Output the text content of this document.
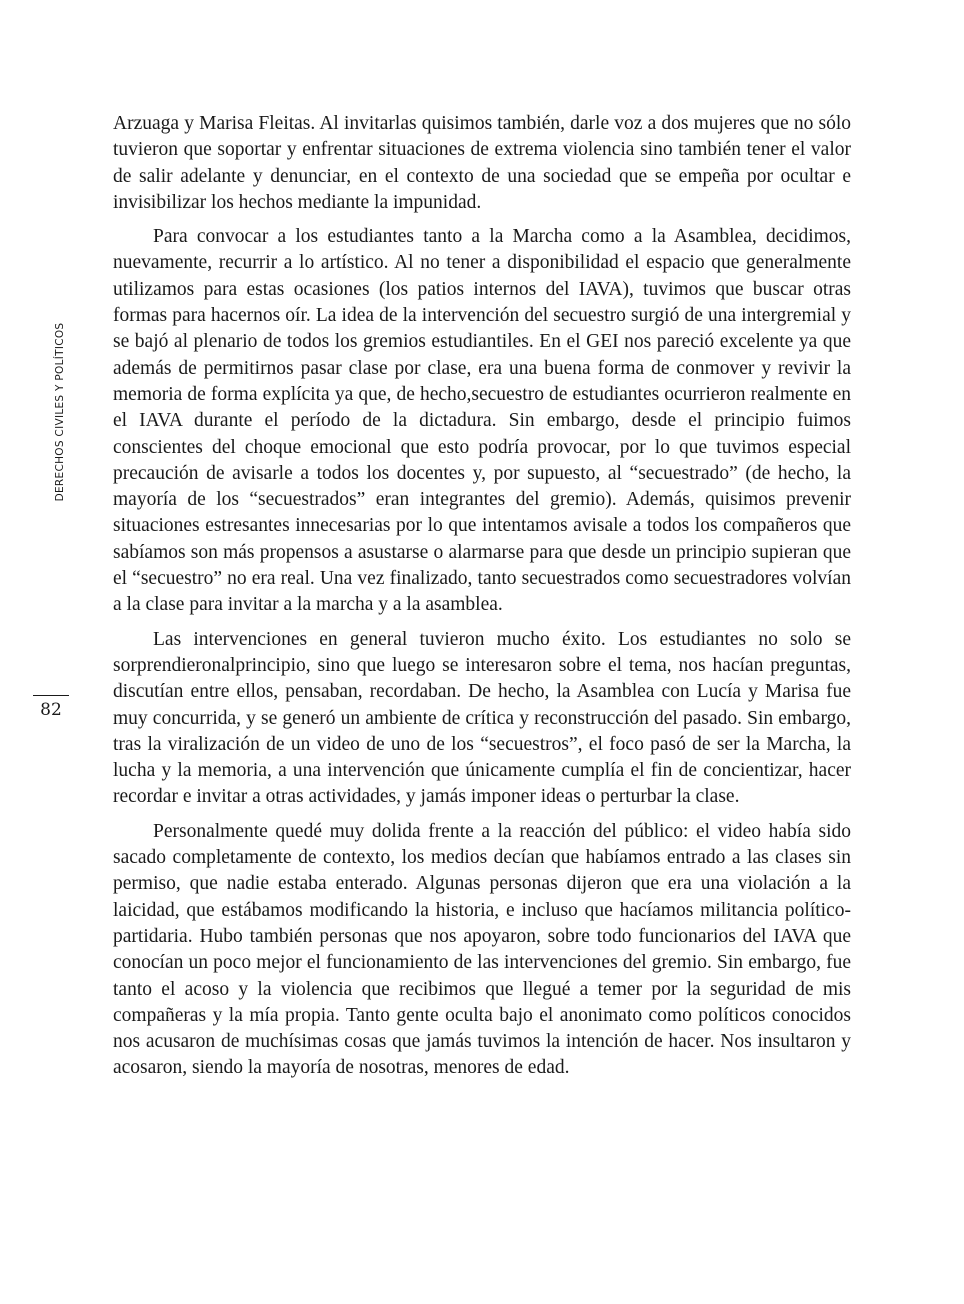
DERECHOS CIVILES Y POLÍTICOS
82

Arzuaga y Marisa Fleitas. Al invitarlas quisimos también, darle voz a dos mujeres que no sólo tuvieron que soportar y enfrentar situaciones de extrema violencia sino también tener el valor de salir adelante y denunciar, en el contexto de una sociedad que se empeña por ocultar e invisibilizar los hechos mediante la impunidad.

Para convocar a los estudiantes tanto a la Marcha como a la Asamblea, decidimos, nuevamente, recurrir a lo artístico. Al no tener a disponibilidad el espacio que generalmente utilizamos para estas ocasiones (los patios internos del IAVA), tuvimos que buscar otras formas para hacernos oír. La idea de la intervención del secuestro surgió de una intergremial y se bajó al plenario de todos los gremios estudiantiles. En el GEI nos pareció excelente ya que además de permitirnos pasar clase por clase, era una buena forma de conmover y revivir la memoria de forma explícita ya que, de hecho,secuestro de estudiantes ocurrieron realmente en el IAVA durante el período de la dictadura. Sin embargo, desde el principio fuimos conscientes del choque emocional que esto podría provocar, por lo que tuvimos especial precaución de avisarle a todos los docentes y, por supuesto, al “secuestrado” (de hecho, la mayoría de los “secuestrados” eran integrantes del gremio). Además, quisimos prevenir situaciones estresantes innecesarias por lo que intentamos avisale a todos los compañeros que sabíamos son más propensos a asustarse o alarmarse para que desde un principio supieran que el “secuestro” no era real. Una vez finalizado, tanto secuestrados como secuestradores volvían a la clase para invitar a la marcha y a la asamblea.

Las intervenciones en general tuvieron mucho éxito. Los estudiantes no solo se sorprendieronalprincipio, sino que luego se interesaron sobre el tema, nos hacían preguntas, discutían entre ellos, pensaban, recordaban. De hecho, la Asamblea con Lucía y Marisa fue muy concurrida, y se generó un ambiente de crítica y reconstrucción del pasado. Sin embargo, tras la viralización de un video de uno de los “secuestros”, el foco pasó de ser la Marcha, la lucha y la memoria, a una intervención que únicamente cumplía el fin de concientizar, hacer recordar e invitar a otras actividades, y jamás imponer ideas o perturbar la clase.

Personalmente quedé muy dolida frente a la reacción del público: el video había sido sacado completamente de contexto, los medios decían que habíamos entrado a las clases sin permiso, que nadie estaba enterado. Algunas personas dijeron que era una violación a la laicidad, que estábamos modificando la historia, e incluso que hacíamos militancia político-partidaria. Hubo también personas que nos apoyaron, sobre todo funcionarios del IAVA que conocían un poco mejor el funcionamiento de las intervenciones del gremio. Sin embargo, fue tanto el acoso y la violencia que recibimos que llegué a temer por la seguridad de mis compañeras y la mía propia. Tanto gente oculta bajo el anonimato como políticos conocidos nos acusaron de muchísimas cosas que jamás tuvimos la intención de hacer. Nos insultaron y acosaron, siendo la mayoría de nosotras, menores de edad.
